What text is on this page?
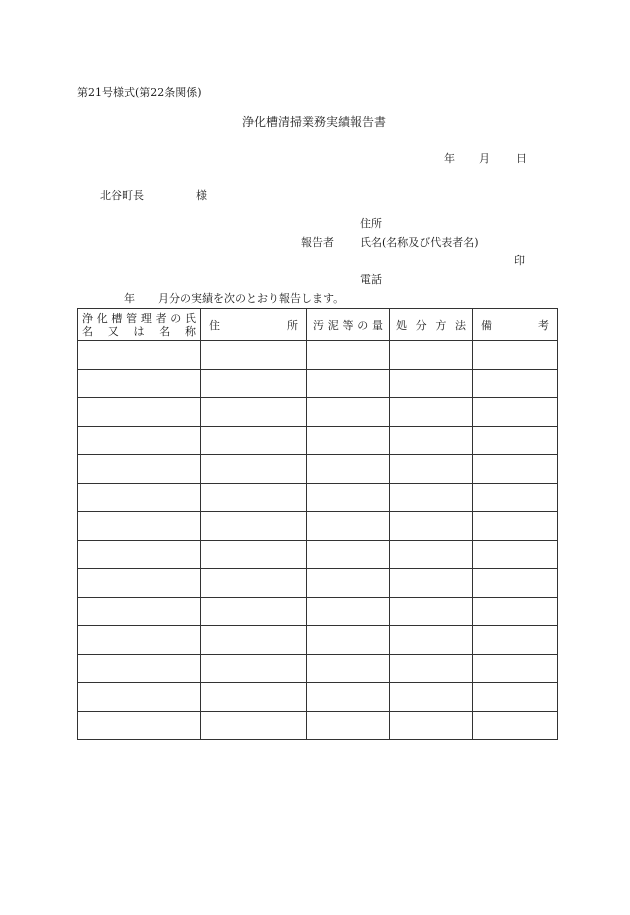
第21号様式(第22条関係)
浄化槽清掃業務実績報告書
年 月 日
北谷町長	様
住所
報告者 氏名(名称及び代表者名)
印
電話
年 月分の実績を次のとおり報告します。
浄化槽管理者の氏
名又は名称	住 所	汚泥等の量	処分方法	備 考
